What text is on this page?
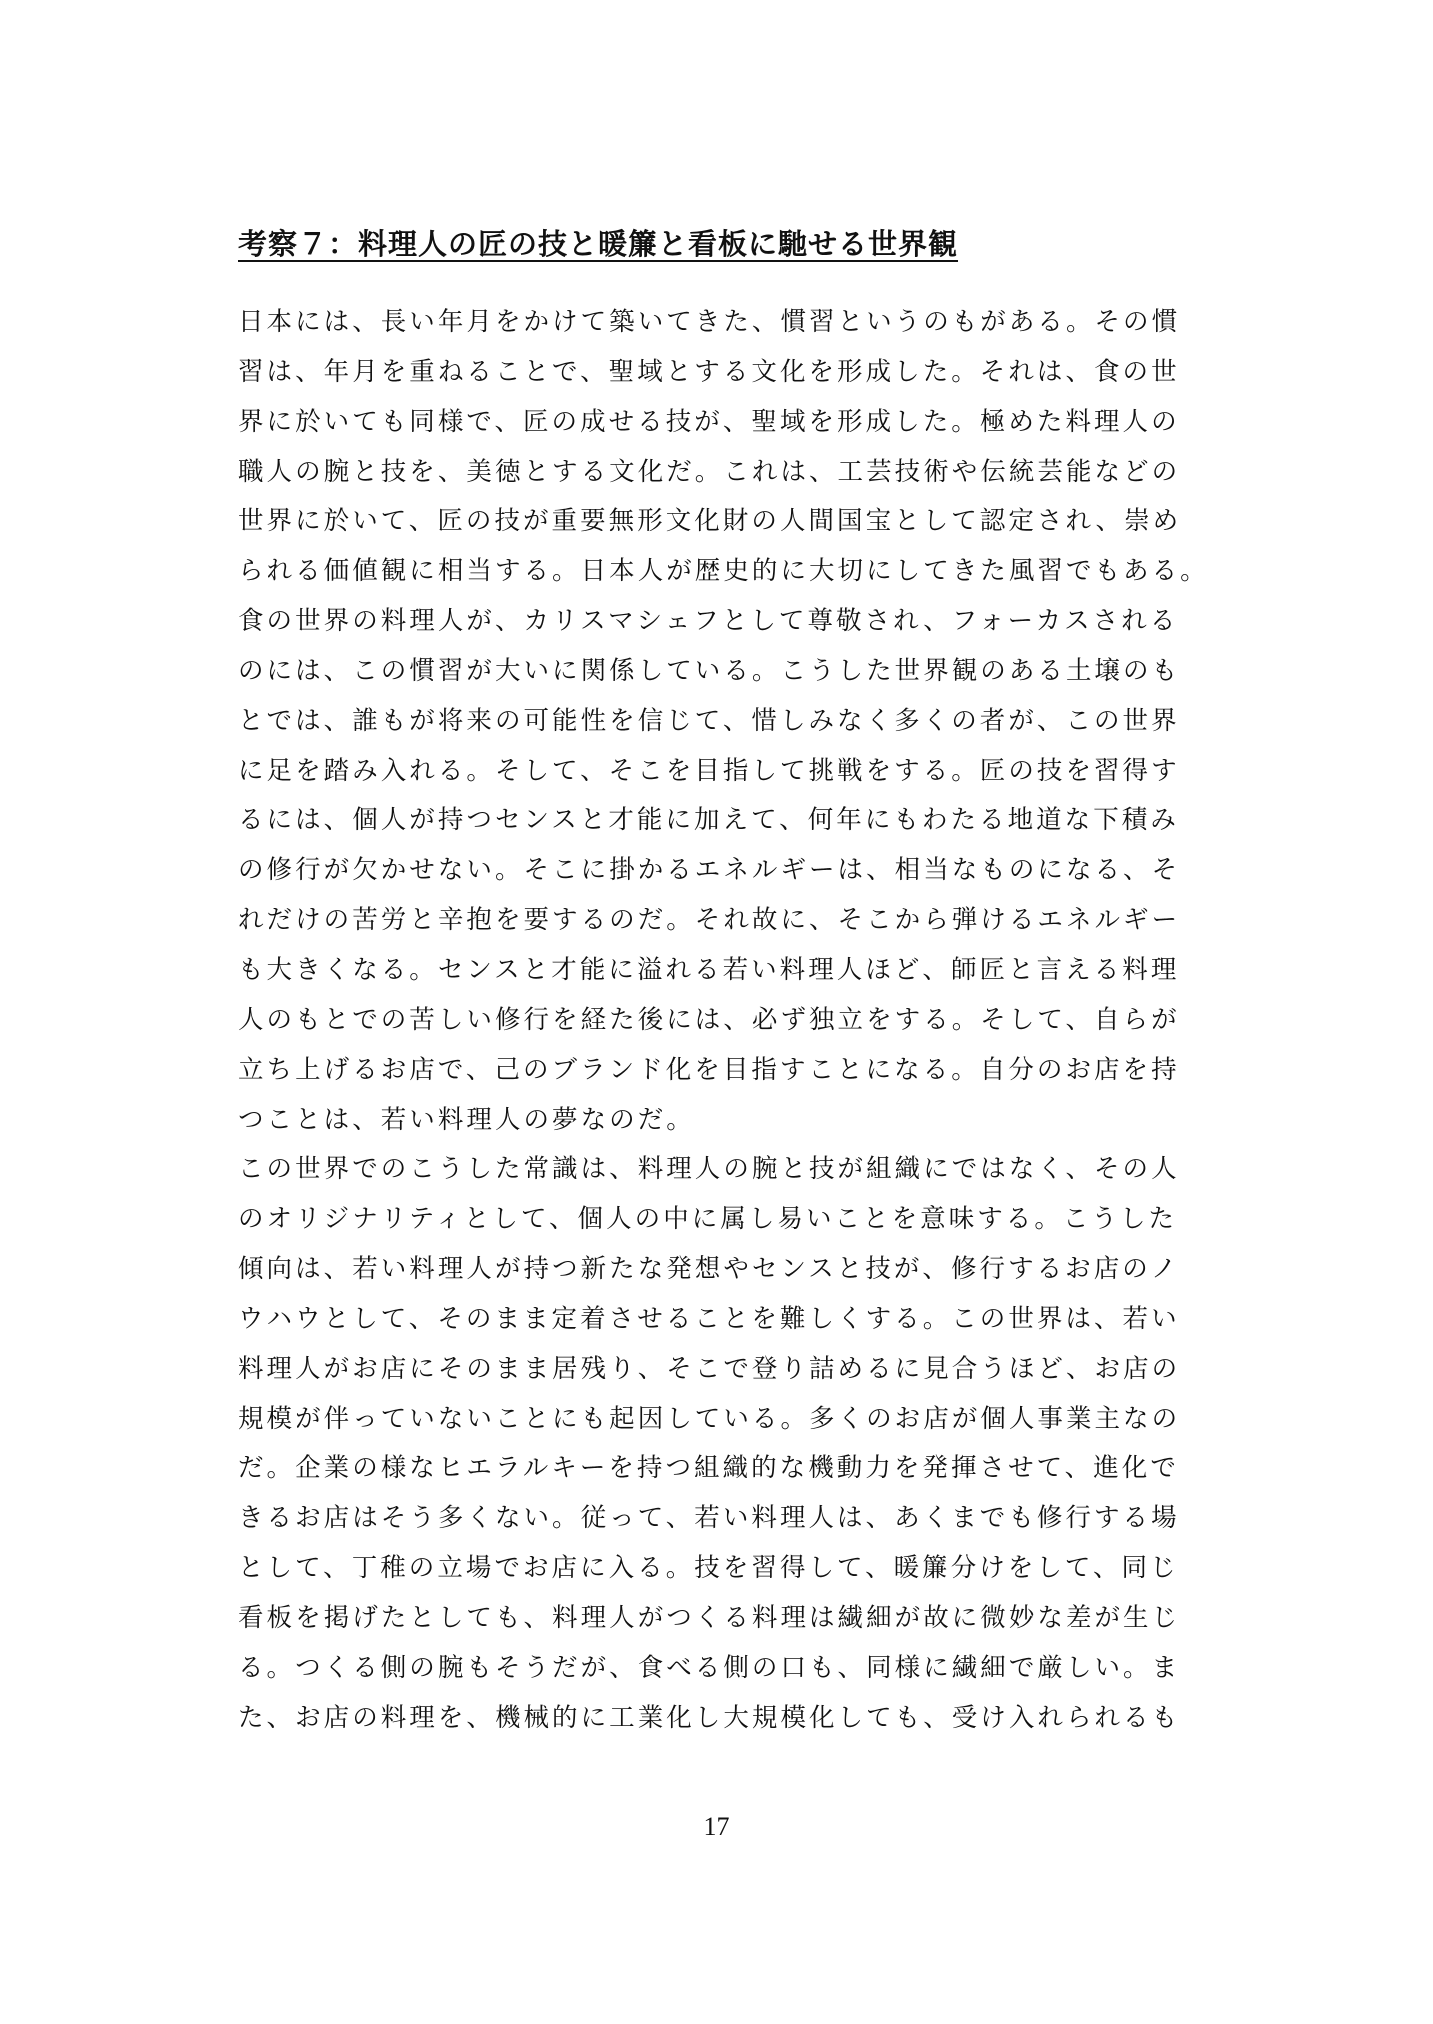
考察７：料理人の匠の技と暖簾と看板に馳せる世界観
日本には、長い年月をかけて築いてきた、慣習というのもがある。その慣
習は、年月を重ねることで、聖域とする文化を形成した。それは、食の世
界に於いても同様で、匠の成せる技が、聖域を形成した。極めた料理人の
職人の腕と技を、美徳とする文化だ。これは、工芸技術や伝統芸能などの
世界に於いて、匠の技が重要無形文化財の人間国宝として認定され、崇め
られる価値観に相当する。日本人が歴史的に大切にしてきた風習でもある。
食の世界の料理人が、カリスマシェフとして尊敬され、フォーカスされる
のには、この慣習が大いに関係している。こうした世界観のある土壌のも
とでは、誰もが将来の可能性を信じて、惜しみなく多くの者が、この世界
に足を踏み入れる。そして、そこを目指して挑戦をする。匠の技を習得す
るには、個人が持つセンスと才能に加えて、何年にもわたる地道な下積み
の修行が欠かせない。そこに掛かるエネルギーは、相当なものになる、そ
れだけの苦労と辛抱を要するのだ。それ故に、そこから弾けるエネルギー
も大きくなる。センスと才能に溢れる若い料理人ほど、師匠と言える料理
人のもとでの苦しい修行を経た後には、必ず独立をする。そして、自らが
立ち上げるお店で、己のブランド化を目指すことになる。自分のお店を持
つことは、若い料理人の夢なのだ。
この世界でのこうした常識は、料理人の腕と技が組織にではなく、その人
のオリジナリティとして、個人の中に属し易いことを意味する。こうした
傾向は、若い料理人が持つ新たな発想やセンスと技が、修行するお店のノ
ウハウとして、そのまま定着させることを難しくする。この世界は、若い
料理人がお店にそのまま居残り、そこで登り詰めるに見合うほど、お店の
規模が伴っていないことにも起因している。多くのお店が個人事業主なの
だ。企業の様なヒエラルキーを持つ組織的な機動力を発揮させて、進化で
きるお店はそう多くない。従って、若い料理人は、あくまでも修行する場
として、丁稚の立場でお店に入る。技を習得して、暖簾分けをして、同じ
看板を掲げたとしても、料理人がつくる料理は繊細が故に微妙な差が生じ
る。つくる側の腕もそうだが、食べる側の口も、同様に繊細で厳しい。ま
た、お店の料理を、機械的に工業化し大規模化しても、受け入れられるも
17
